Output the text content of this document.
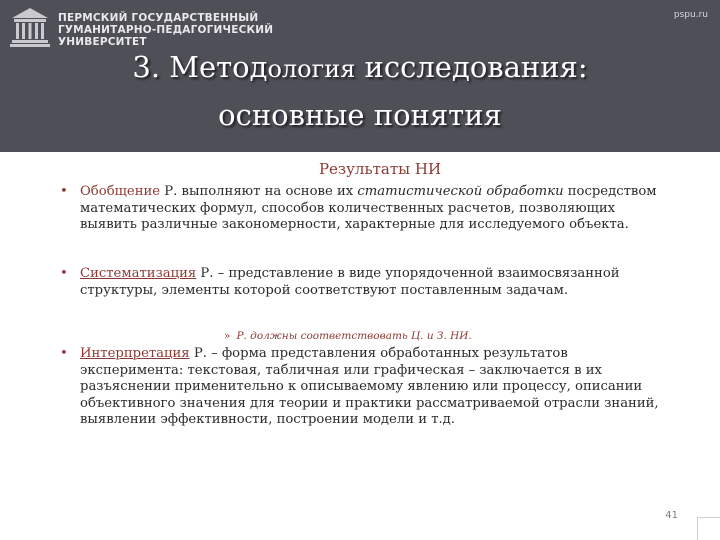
ПЕРМСКИЙ ГОСУДАРСТВЕННЫЙ
ГУМАНИТАРНО-ПЕДАГОГИЧЕСКИЙ
УНИВЕРСИТЕТ
pspu.ru
3. Методология исследования:
основные понятия
Результаты НИ
• Обобщение Р. выполняют на основе их статистической обработки посредством математических формул, способов количественных расчетов, позволяющих выявить различные закономерности, характерные для исследуемого объекта.
• Систематизация Р. – представление в виде упорядоченной взаимосвязанной структуры, элементы которой соответствуют поставленным задачам.
» Р. должны соответствовать Ц. и З. НИ.
• Интерпретация Р. – форма представления обработанных результатов эксперимента: текстовая, табличная или графическая – заключается в их разъяснении применительно к описываемому явлению или процессу, описании объективного значения для теории и практики рассматриваемой отрасли знаний, выявлении эффективности, построении модели и т.д.
41
